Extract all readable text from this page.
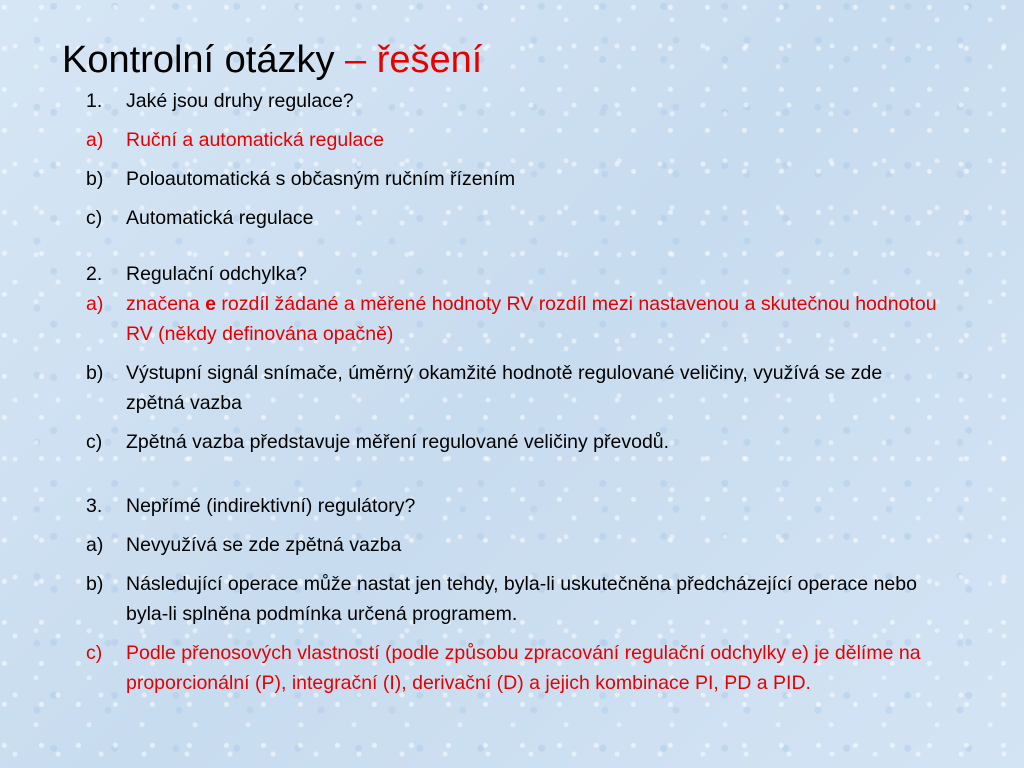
Kontrolní otázky – řešení
1.	Jaké jsou druhy regulace?
a)	Ruční a automatická regulace
b)	Poloautomatická s občasným ručním řízením
c)	Automatická regulace
2.	Regulační odchylka?
a)	značena e rozdíl žádané a měřené hodnoty RV rozdíl mezi nastavenou a skutečnou hodnotou RV (někdy definována opačně)
b)	Výstupní signál snímače, úměrný okamžité hodnotě regulované veličiny, využívá se zde zpětná vazba
c)	Zpětná vazba představuje měření regulované veličiny převodů.
3.	Nepřímé (indirektivní) regulátory?
a)	Nevyužívá se zde zpětná vazba
b)	Následující operace může nastat jen tehdy, byla-li uskutečněna předcházející operace nebo byla-li splněna podmínka určená programem.
c)	Podle přenosových vlastností (podle způsobu zpracování regulační odchylky e) je dělíme na proporcionální (P), integrační (I), derivační (D) a jejich kombinace PI, PD a PID.
